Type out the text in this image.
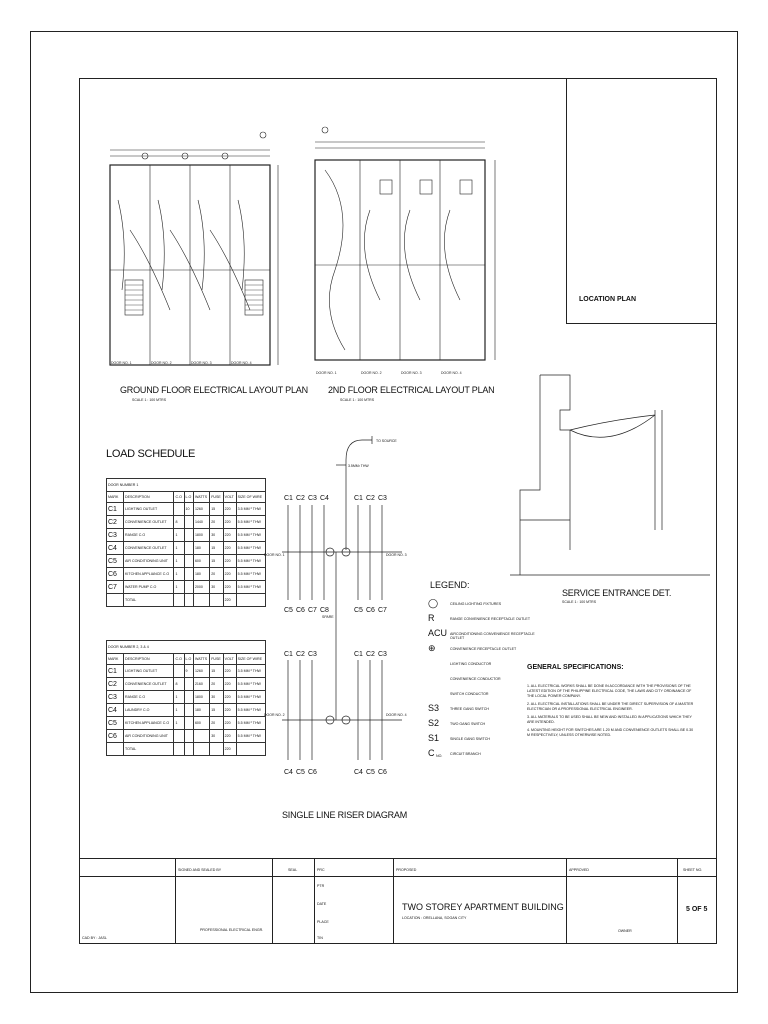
LOCATION PLAN
DOOR NO. 1	DOOR NO. 2	DOOR NO. 3	DOOR NO. 4
DOOR NO. 1	DOOR NO. 2	DOOR NO. 3	DOOR NO. 4
GROUND FLOOR ELECTRICAL LAYOUT PLAN
SCALE 1 : 100 MTRS
2ND FLOOR ELECTRICAL LAYOUT PLAN
SCALE 1 : 100 MTRS
LOAD SCHEDULE
DOOR NUMBER 1							
MARK	DESCRIPTION	C.O	L.O	WATTS	FUSE	VOLT	SIZE OF WIRE
C1	LIGHTING OUTLET		10	1260	15	220	3.5 MM ² THW
C2	CONVENIENCE OUTLET	8		1440	20	220	5.5 MM ² THW
C3	RANGE C.O	1		1800	30	220	5.5 MM ² THW
C4	CONVENIENCE OUTLET	1		180	15	220	5.5 MM ² THW
C5	AIR CONDITIONING UNIT	1		600	15	220	5.5 MM ² THW
C6	KITCHEN APPLIANCE C.O	1		180	20	220	5.5 MM ² THW
C7	WATER PUMP C.O	1		2000	30	220	5.5 MM ² THW
	TOTAL					220	
DOOR NUMBER 2, 3 & 4							
MARK	DESCRIPTION	C.O	L.O	WATTS	FUSE	VOLT	SIZE OF WIRE
C1	LIGHTING OUTLET		9	1260	15	220	3.5 MM ² THW
C2	CONVENIENCE OUTLET	8		2160	20	220	5.5 MM ² THW
C3	RANGE C.O	1		1800	30	220	5.5 MM ² THW
C4	LAUNDRY C.O	1		180	15	220	5.5 MM ² THW
C5	KITCHEN APPLIANCE C.O	1		600	20	220	5.5 MM ² THW
C6	AIR CONDITIONING UNIT				30	220	5.5 MM ² THW
	TOTAL					220	
C1 C2 C3 C4	C1 C2 C3
C5 C6 C7 C8	C5 C6 C7
C1 C2 C3	C1 C2 C3
C4 C5 C6	C4 C5 C6
TO SOURCE
3.5MM² THW
DOOR NO. 1	DOOR NO. 3
DOOR NO. 2	DOOR NO. 4
SPARE
SINGLE LINE RISER DIAGRAM
SERVICE ENTRANCE DET.
SCALE 1 : 100 MTRS
LEGEND:
◯	CEILING LIGHTING FIXTURES
R	RANGE CONVENIENCE RECEPTACLE OUTLET
ACU AIRCONDITIONING CONVENIENCE RECEPTACLE OUTLET
⊕	CONVENIENCE RECEPTACLE OUTLET
LIGHTING CONDUCTOR
CONVENIENCE CONDUCTOR
SWITCH CONDUCTOR
S3	THREE GANG SWITCH
S2	TWO GANG SWITCH
S1	SINGLE GANG SWITCH
C	CIRCUIT BRANCH
NO.
GENERAL SPECIFICATIONS:
1. ALL ELECTRICAL WORKS SHALL BE DONE IN ACCORDANCE WITH THE PROVISIONS OF THE LATEST EDITION OF THE PHILIPPINE ELECTRICAL CODE, THE LAWS AND CITY ORDINANCE OF THE LOCAL POWER COMPANY.
2. ALL ELECTRICAL INSTALLATIONS SHALL BE UNDER THE DIRECT SUPERVISION OF A MASTER ELECTRICIAN OR A PROFESSIONAL ELECTRICAL ENGINEER.
3. ALL MATERIALS TO BE USED SHALL BE NEW AND INSTALLED IN APPLICATIONS WHICH THEY ARE INTENDED.
4. MOUNTING HEIGHT FOR SWITCHES ARE 1.20 M AND CONVENIENCE OUTLETS SHALL BE 0.30 M RESPECTIVELY, UNLESS OTHERWISE NOTED.
SIGNED AND SEALED BY
PROFESSIONAL ELECTRICAL ENGR.
SEAL	PRC
PTR
DATE
PLACE
TIN
PROPOSED
TWO STOREY APARTMENT BUILDING
LOCATION : ORELLANA, SOGAN CITY
APPROVED
OWNER
SHEET NO.
5 OF 5
CAD BY : JASL
